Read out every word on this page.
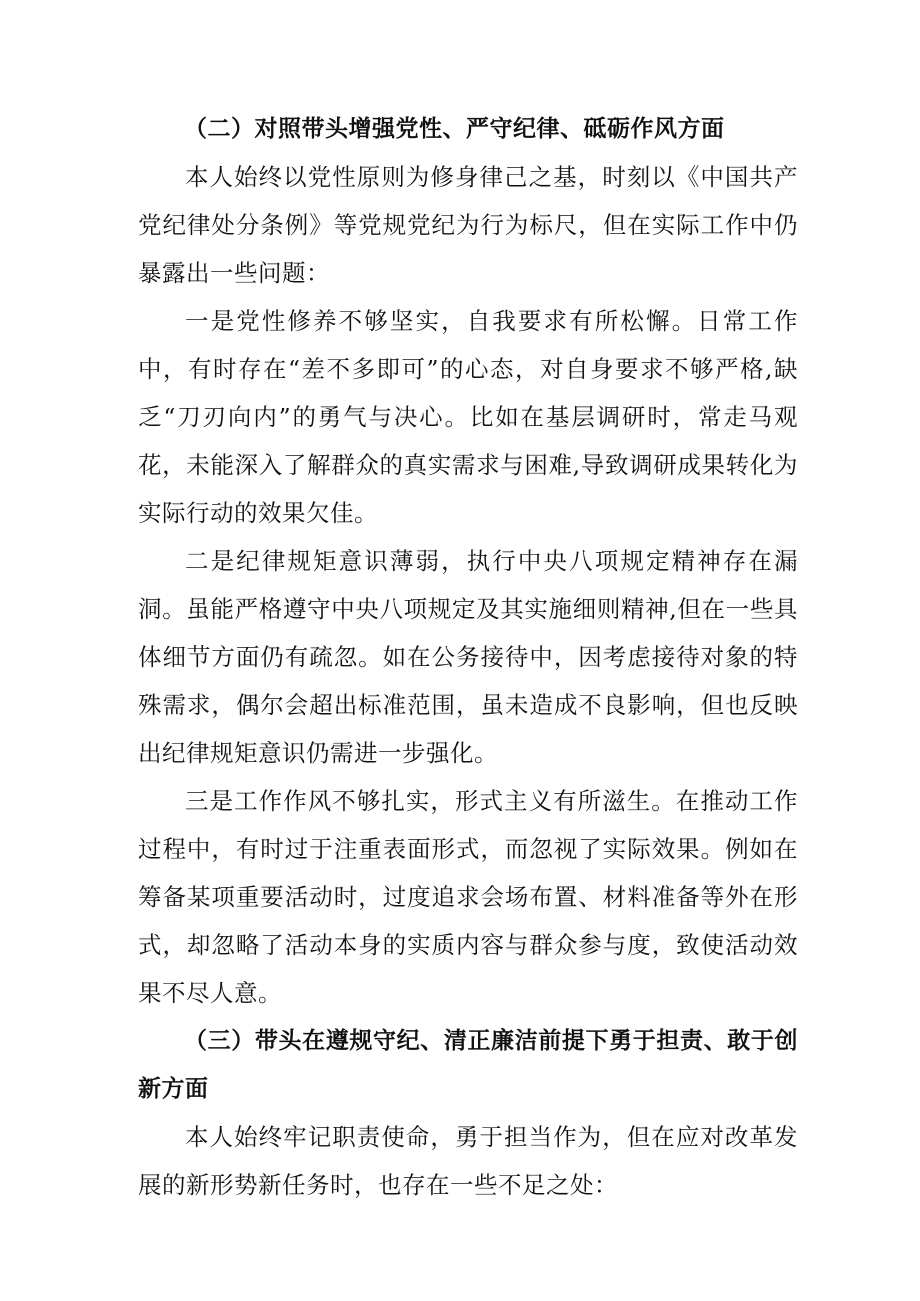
（二）对照带头增强党性、严守纪律、砥砺作风方面

本人始终以党性原则为修身律己之基，时刻以《中国共产党纪律处分条例》等党规党纪为行为标尺，但在实际工作中仍暴露出一些问题：

一是党性修养不够坚实，自我要求有所松懈。日常工作中，有时存在“差不多即可”的心态，对自身要求不够严格,缺乏“刀刃向内”的勇气与决心。比如在基层调研时，常走马观花，未能深入了解群众的真实需求与困难,导致调研成果转化为实际行动的效果欠佳。

二是纪律规矩意识薄弱，执行中央八项规定精神存在漏洞。虽能严格遵守中央八项规定及其实施细则精神,但在一些具体细节方面仍有疏忽。如在公务接待中，因考虑接待对象的特殊需求，偶尔会超出标准范围，虽未造成不良影响，但也反映出纪律规矩意识仍需进一步强化。

三是工作作风不够扎实，形式主义有所滋生。在推动工作过程中，有时过于注重表面形式，而忽视了实际效果。例如在筹备某项重要活动时，过度追求会场布置、材料准备等外在形式，却忽略了活动本身的实质内容与群众参与度，致使活动效果不尽人意。

（三）带头在遵规守纪、清正廉洁前提下勇于担责、敢于创新方面

本人始终牢记职责使命，勇于担当作为，但在应对改革发展的新形势新任务时，也存在一些不足之处：
